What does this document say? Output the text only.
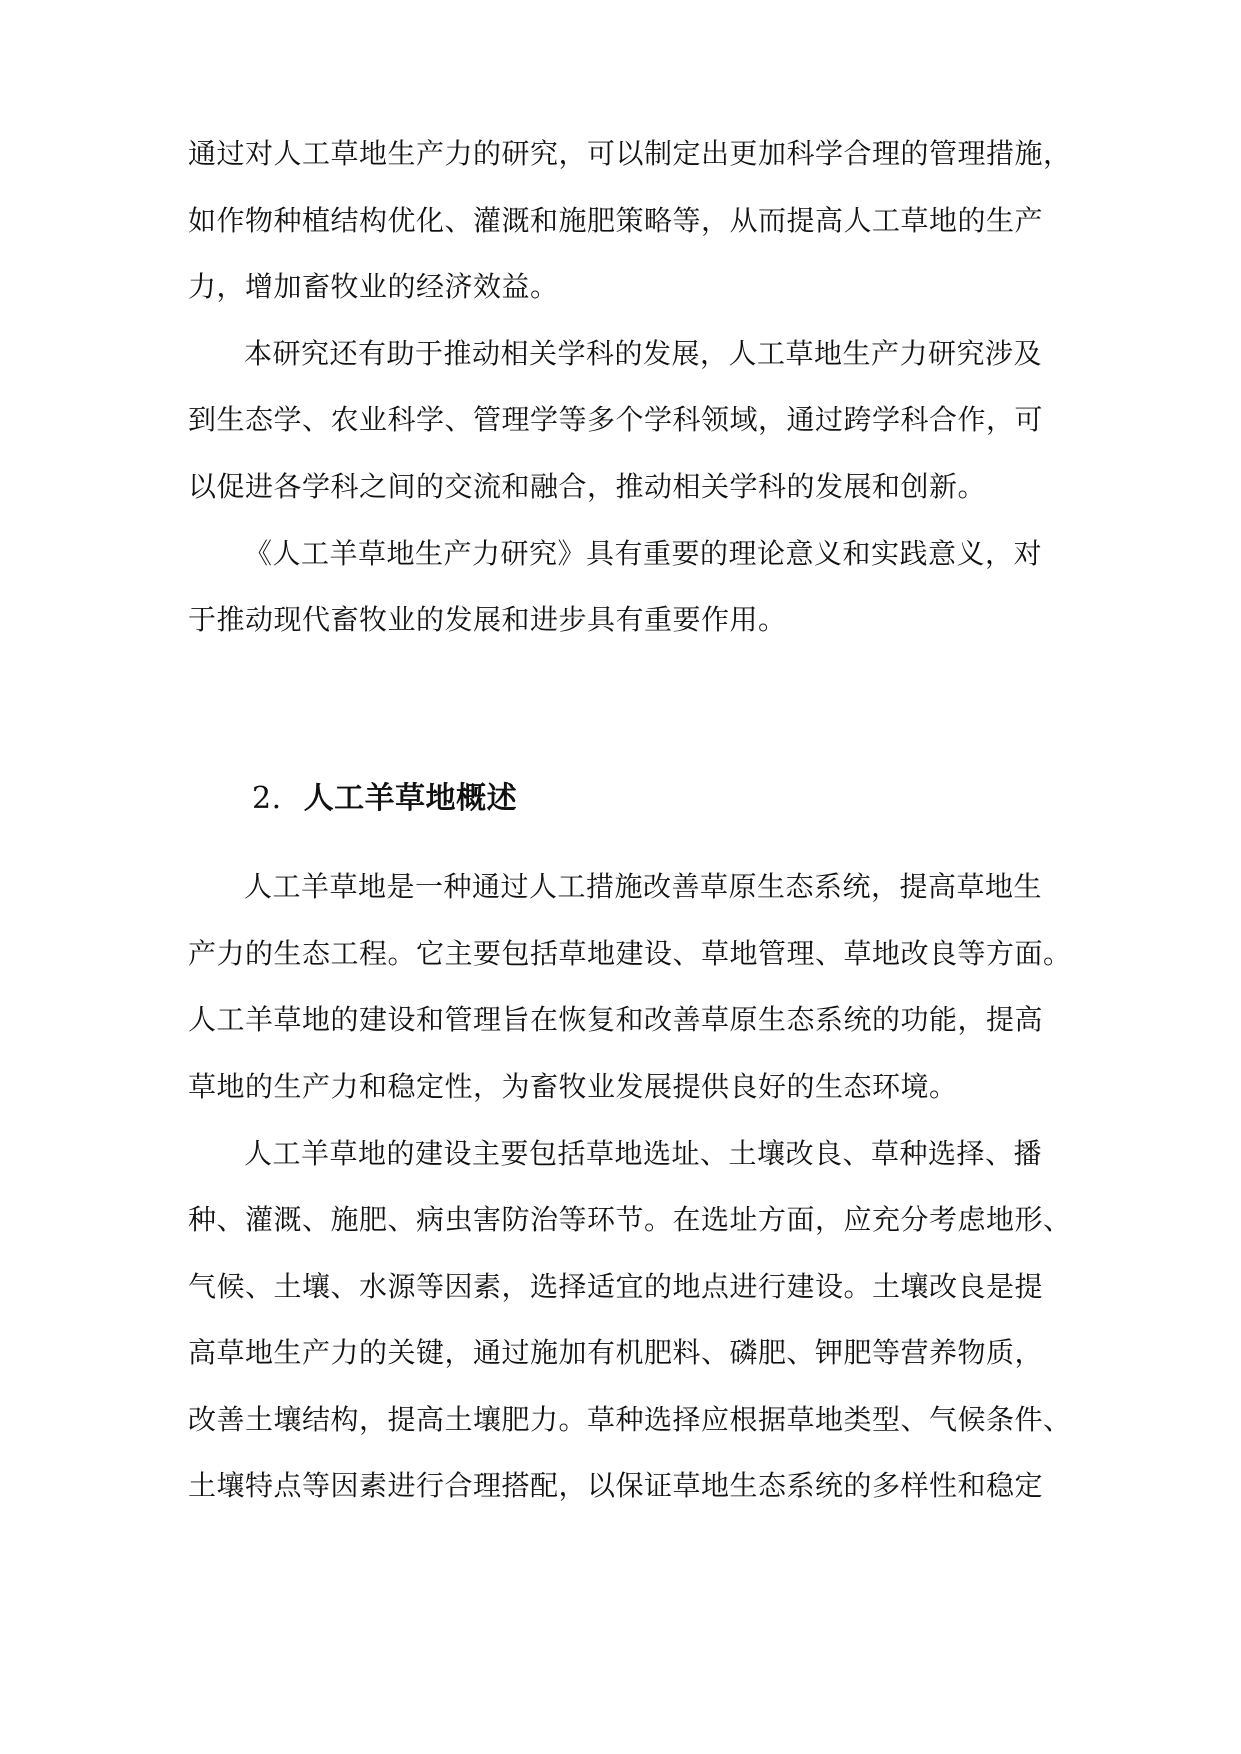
通过对人工草地生产力的研究，可以制定出更加科学合理的管理措施，
如作物种植结构优化、灌溉和施肥策略等，从而提高人工草地的生产
力，增加畜牧业的经济效益。
本研究还有助于推动相关学科的发展，人工草地生产力研究涉及
到生态学、农业科学、管理学等多个学科领域，通过跨学科合作，可
以促进各学科之间的交流和融合，推动相关学科的发展和创新。
《人工羊草地生产力研究》具有重要的理论意义和实践意义，对
于推动现代畜牧业的发展和进步具有重要作用。
2. 人工羊草地概述
人工羊草地是一种通过人工措施改善草原生态系统，提高草地生
产力的生态工程。它主要包括草地建设、草地管理、草地改良等方面。
人工羊草地的建设和管理旨在恢复和改善草原生态系统的功能，提高
草地的生产力和稳定性，为畜牧业发展提供良好的生态环境。
人工羊草地的建设主要包括草地选址、土壤改良、草种选择、播
种、灌溉、施肥、病虫害防治等环节。在选址方面，应充分考虑地形、
气候、土壤、水源等因素，选择适宜的地点进行建设。土壤改良是提
高草地生产力的关键，通过施加有机肥料、磷肥、钾肥等营养物质，
改善土壤结构，提高土壤肥力。草种选择应根据草地类型、气候条件、
土壤特点等因素进行合理搭配，以保证草地生态系统的多样性和稳定
